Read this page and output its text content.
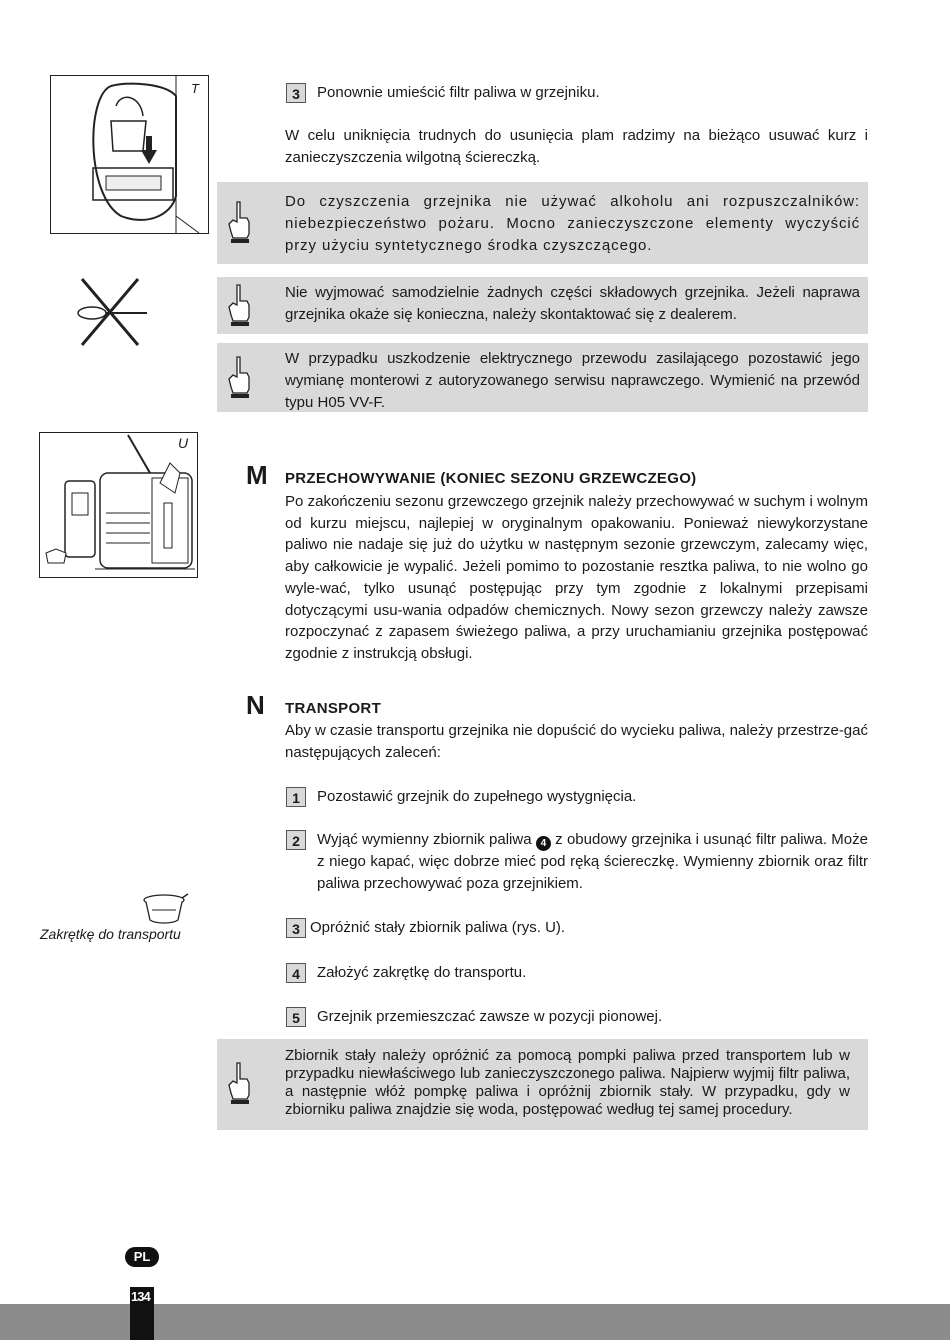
T	3	Ponownie umieścić filtr paliwa w grzejniku.
W celu uniknięcia trudnych do usunięcia plam radzimy na bieżąco usuwać kurz i zanieczyszczenia wilgotną ściereczką.
Do czyszczenia grzejnika nie używać alkoholu ani rozpuszczalników: niebezpieczeństwo pożaru. Mocno zanieczyszczone elementy wyczyścić przy użyciu syntetycznego środka czyszczącego.
Nie wyjmować samodzielnie żadnych części składowych grzejnika. Jeżeli naprawa grzejnika okaże się konieczna, należy skontaktować się z dealerem.
W przypadku uszkodzenie elektrycznego przewodu zasilającego pozostawić jego wymianę monterowi z autoryzowanego serwisu naprawczego. Wymienić na przewód typu H05 VV-F.
U
M PRZECHOWYWANIE (KONIEC SEZONU GRZEWCZEGO)
Po zakończeniu sezonu grzewczego grzejnik należy przechowywać w suchym i wolnym od kurzu miejscu, najlepiej w oryginalnym opakowaniu. Ponieważ niewykorzystane paliwo nie nadaje się już do użytku w następnym sezonie grzewczym, zalecamy więc, aby całkowicie je wypalić. Jeżeli pomimo to pozostanie resztka paliwa, to nie wolno go wyle-wać, tylko usunąć postępując przy tym zgodnie z lokalnymi przepisami dotyczącymi usu-wania odpadów chemicznych. Nowy sezon grzewczy należy zawsze rozpoczynać z zapasem świeżego paliwa, a przy uruchamianiu grzejnika postępować zgodnie z instrukcją obsługi.
N TRANSPORT
Aby w czasie transportu grzejnika nie dopuścić do wycieku paliwa, należy przestrze-gać następujących zaleceń:
1	Pozostawić grzejnik do zupełnego wystygnięcia.
2	Wyjąć wymienny zbiornik paliwa 4 z obudowy grzejnika i usunąć filtr paliwa. Może z niego kapać, więc dobrze mieć pod ręką ściereczkę. Wymienny zbiornik oraz filtr paliwa przechowywać poza grzejnikiem.
Zakrętkę do transportu	3 Opróżnić stały zbiornik paliwa (rys. U).
4	Założyć zakrętkę do transportu.
5	Grzejnik przemieszczać zawsze w pozycji pionowej.
Zbiornik stały należy opróżnić za pomocą pompki paliwa przed transportem lub w przypadku niewłaściwego lub zanieczyszczonego paliwa. Najpierw wyjmij filtr paliwa, a następnie włóż pompkę paliwa i opróżnij zbiornik stały. W przypadku, gdy w zbiorniku paliwa znajdzie się woda, postępować według tej samej procedury.
PL
134
